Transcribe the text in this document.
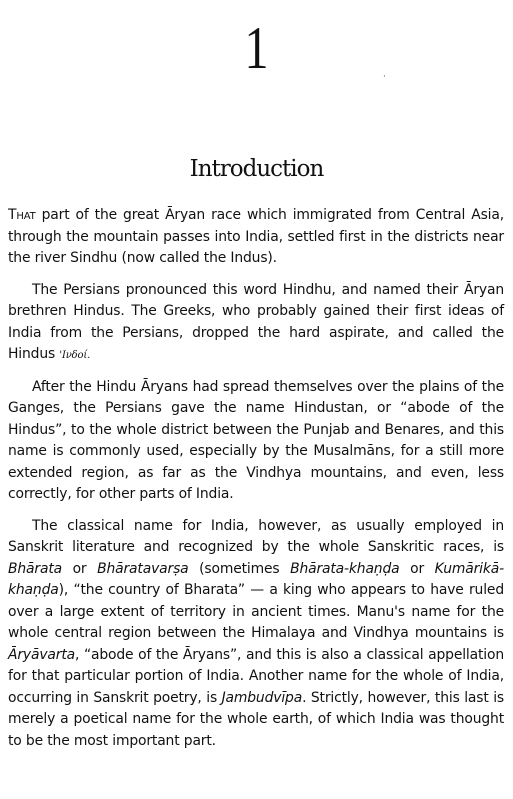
1	·
Introduction

That part of the great Āryan race which immigrated from Central Asia, through the mountain passes into India, settled first in the districts near the river Sindhu (now called the Indus).

The Persians pronounced this word Hindhu, and named their Āryan brethren Hindus. The Greeks, who probably gained their first ideas of India from the Persians, dropped the hard aspirate, and called the Hindus 'Ινδοί.

After the Hindu Āryans had spread themselves over the plains of the Ganges, the Persians gave the name Hindustan, or “abode of the Hindus”, to the whole district between the Punjab and Benares, and this name is commonly used, especially by the Musalmāns, for a still more extended region, as far as the Vindhya mountains, and even, less correctly, for other parts of India.

The classical name for India, however, as usually employed in Sanskrit literature and recognized by the whole Sanskritic races, is Bhārata or Bhāratavarṣa (sometimes Bhārata-khaṇḍa or Kumārikā-khaṇḍa), “the country of Bharata” — a king who appears to have ruled over a large extent of territory in ancient times. Manu's name for the whole central region between the Himalaya and Vindhya mountains is Āryāvarta, “abode of the Āryans”, and this is also a classical appellation for that particular portion of India. Another name for the whole of India, occurring in Sanskrit poetry, is Jambudvīpa. Strictly, however, this last is merely a poetical name for the whole earth, of which India was thought to be the most important part.
